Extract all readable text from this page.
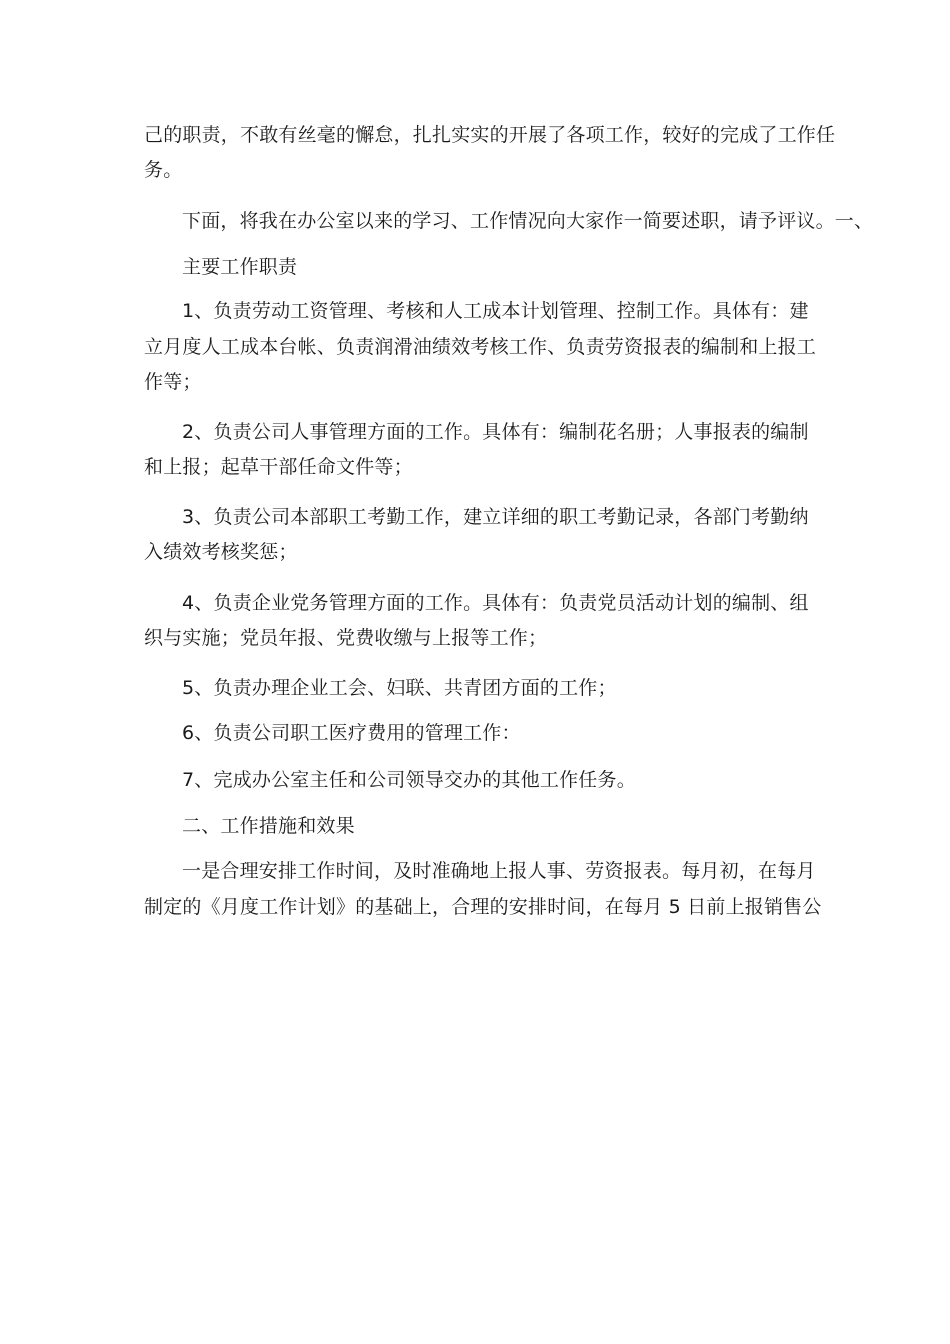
己的职责，不敢有丝毫的懈怠，扎扎实实的开展了各项工作，较好的完成了工作任
务。
下面，将我在办公室以来的学习、工作情况向大家作一简要述职，请予评议。一、
主要工作职责
1、负责劳动工资管理、考核和人工成本计划管理、控制工作。具体有：建
立月度人工成本台帐、负责润滑油绩效考核工作、负责劳资报表的编制和上报工
作等；
2、负责公司人事管理方面的工作。具体有：编制花名册；人事报表的编制
和上报；起草干部任命文件等；
3、负责公司本部职工考勤工作，建立详细的职工考勤记录，各部门考勤纳
入绩效考核奖惩；
4、负责企业党务管理方面的工作。具体有：负责党员活动计划的编制、组
织与实施；党员年报、党费收缴与上报等工作；
5、负责办理企业工会、妇联、共青团方面的工作；
6、负责公司职工医疗费用的管理工作：
7、完成办公室主任和公司领导交办的其他工作任务。
二、工作措施和效果
一是合理安排工作时间，及时准确地上报人事、劳资报表。每月初，在每月
制定的《月度工作计划》的基础上，合理的安排时间，在每月 5 日前上报销售公
